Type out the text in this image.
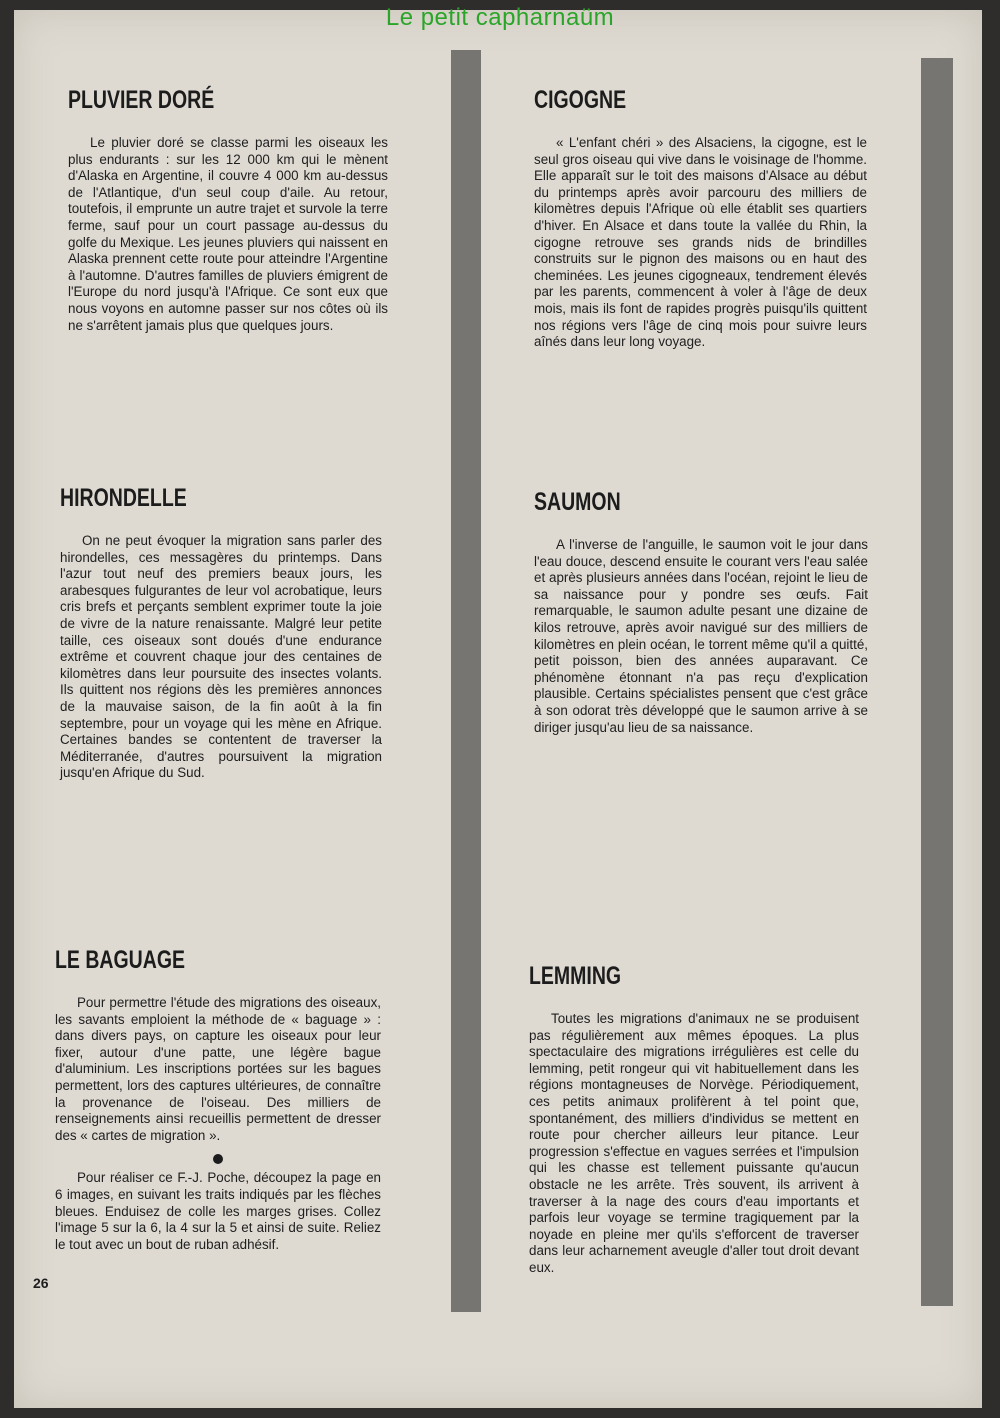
Le petit capharnaüm
PLUVIER DORÉ

Le pluvier doré se classe parmi les oiseaux les plus endurants : sur les 12 000 km qui le mènent d'Alaska en Argentine, il couvre 4 000 km au-dessus de l'Atlantique, d'un seul coup d'aile. Au retour, toutefois, il emprunte un autre trajet et survole la terre ferme, sauf pour un court passage au-dessus du golfe du Mexique. Les jeunes pluviers qui naissent en Alaska prennent cette route pour atteindre l'Argentine à l'automne. D'autres familles de pluviers émigrent de l'Europe du nord jusqu'à l'Afrique. Ce sont eux que nous voyons en automne passer sur nos côtes où ils ne s'arrêtent jamais plus que quelques jours.

CIGOGNE

« L'enfant chéri » des Alsaciens, la cigogne, est le seul gros oiseau qui vive dans le voisinage de l'homme. Elle apparaît sur le toit des maisons d'Alsace au début du printemps après avoir parcouru des milliers de kilomètres depuis l'Afrique où elle établit ses quartiers d'hiver. En Alsace et dans toute la vallée du Rhin, la cigogne retrouve ses grands nids de brindilles construits sur le pignon des maisons ou en haut des cheminées. Les jeunes cigogneaux, tendrement élevés par les parents, commencent à voler à l'âge de deux mois, mais ils font de rapides progrès puisqu'ils quittent nos régions vers l'âge de cinq mois pour suivre leurs aînés dans leur long voyage.

HIRONDELLE

On ne peut évoquer la migration sans parler des hirondelles, ces messagères du printemps. Dans l'azur tout neuf des premiers beaux jours, les arabesques fulgurantes de leur vol acrobatique, leurs cris brefs et perçants semblent exprimer toute la joie de vivre de la nature renaissante. Malgré leur petite taille, ces oiseaux sont doués d'une endurance extrême et couvrent chaque jour des centaines de kilomètres dans leur poursuite des insectes volants. Ils quittent nos régions dès les premières annonces de la mauvaise saison, de la fin août à la fin septembre, pour un voyage qui les mène en Afrique. Certaines bandes se contentent de traverser la Méditerranée, d'autres poursuivent la migration jusqu'en Afrique du Sud.

SAUMON

A l'inverse de l'anguille, le saumon voit le jour dans l'eau douce, descend ensuite le courant vers l'eau salée et après plusieurs années dans l'océan, rejoint le lieu de sa naissance pour y pondre ses œufs. Fait remarquable, le saumon adulte pesant une dizaine de kilos retrouve, après avoir navigué sur des milliers de kilomètres en plein océan, le torrent même qu'il a quitté, petit poisson, bien des années auparavant. Ce phénomène étonnant n'a pas reçu d'explication plausible. Certains spécialistes pensent que c'est grâce à son odorat très développé que le saumon arrive à se diriger jusqu'au lieu de sa naissance.

LE BAGUAGE

Pour permettre l'étude des migrations des oiseaux, les savants emploient la méthode de « baguage » : dans divers pays, on capture les oiseaux pour leur fixer, autour d'une patte, une légère bague d'aluminium. Les inscriptions portées sur les bagues permettent, lors des captures ultérieures, de connaître la provenance de l'oiseau. Des milliers de renseignements ainsi recueillis permettent de dresser des « cartes de migration ».

Pour réaliser ce F.-J. Poche, découpez la page en 6 images, en suivant les traits indiqués par les flèches bleues. Enduisez de colle les marges grises. Collez l'image 5 sur la 6, la 4 sur la 5 et ainsi de suite. Reliez le tout avec un bout de ruban adhésif.

LEMMING

Toutes les migrations d'animaux ne se produisent pas régulièrement aux mêmes époques. La plus spectaculaire des migrations irrégulières est celle du lemming, petit rongeur qui vit habituellement dans les régions montagneuses de Norvège. Périodiquement, ces petits animaux prolifèrent à tel point que, spontanément, des milliers d'individus se mettent en route pour chercher ailleurs leur pitance. Leur progression s'effectue en vagues serrées et l'impulsion qui les chasse est tellement puissante qu'aucun obstacle ne les arrête. Très souvent, ils arrivent à traverser à la nage des cours d'eau importants et parfois leur voyage se termine tragiquement par la noyade en pleine mer qu'ils s'efforcent de traverser dans leur acharnement aveugle d'aller tout droit devant eux.

26
